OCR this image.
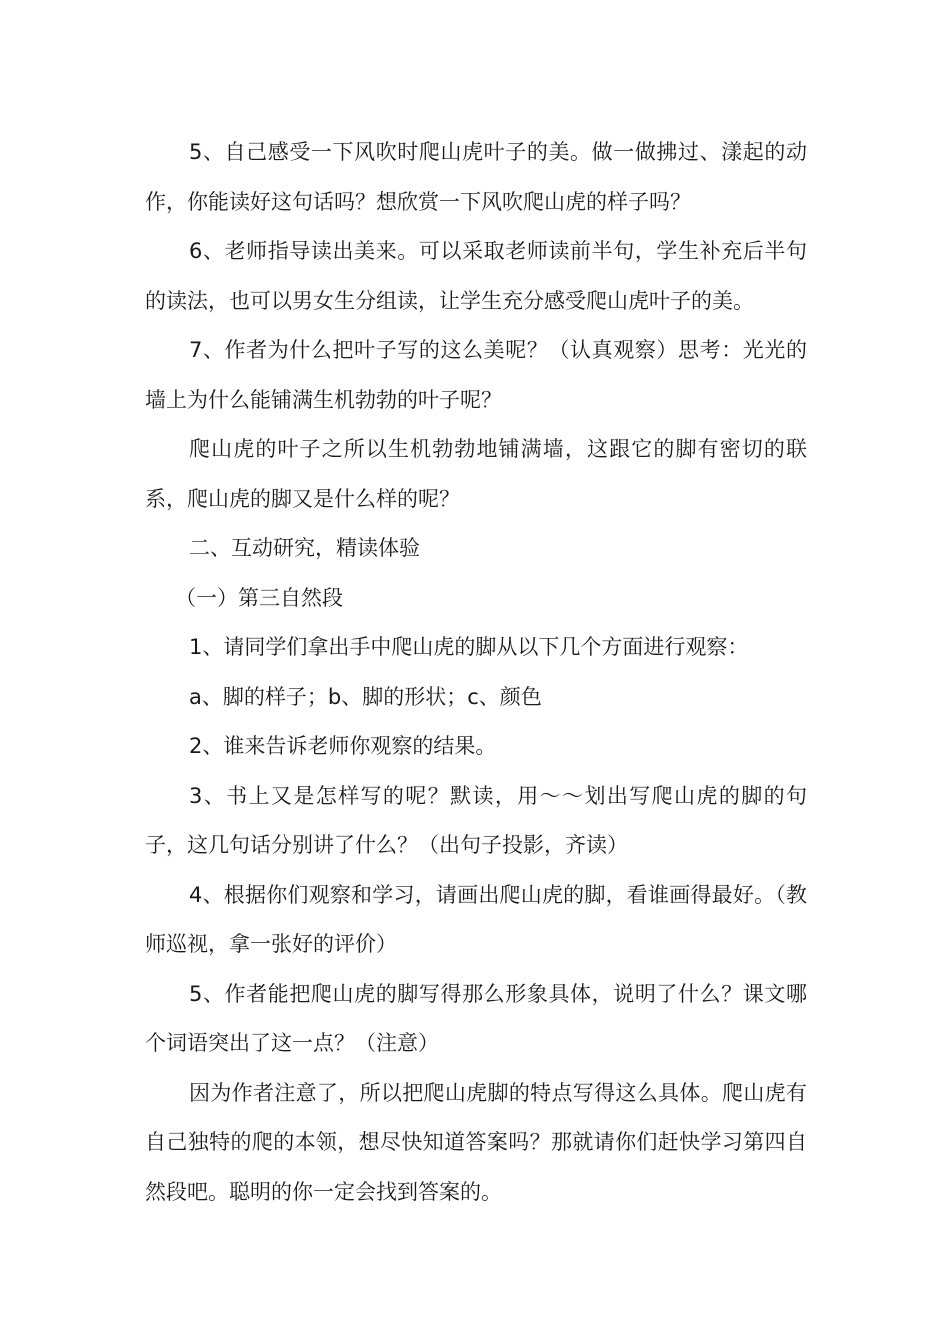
5、自己感受一下风吹时爬山虎叶子的美。做一做拂过、漾起的动作，你能读好这句话吗？想欣赏一下风吹爬山虎的样子吗？

6、老师指导读出美来。可以采取老师读前半句，学生补充后半句的读法，也可以男女生分组读，让学生充分感受爬山虎叶子的美。

7、作者为什么把叶子写的这么美呢？（认真观察）思考：光光的墙上为什么能铺满生机勃勃的叶子呢？

爬山虎的叶子之所以生机勃勃地铺满墙，这跟它的脚有密切的联系，爬山虎的脚又是什么样的呢？

二、互动研究，精读体验

（一）第三自然段

1、请同学们拿出手中爬山虎的脚从以下几个方面进行观察：

a、脚的样子；b、脚的形状；c、颜色

2、谁来告诉老师你观察的结果。

3、书上又是怎样写的呢？默读，用～～划出写爬山虎的脚的句子，这几句话分别讲了什么？（出句子投影，齐读）

4、根据你们观察和学习，请画出爬山虎的脚，看谁画得最好。（教师巡视，拿一张好的评价）

5、作者能把爬山虎的脚写得那么形象具体，说明了什么？课文哪个词语突出了这一点？（注意）

因为作者注意了，所以把爬山虎脚的特点写得这么具体。爬山虎有自己独特的爬的本领，想尽快知道答案吗？那就请你们赶快学习第四自然段吧。聪明的你一定会找到答案的。
